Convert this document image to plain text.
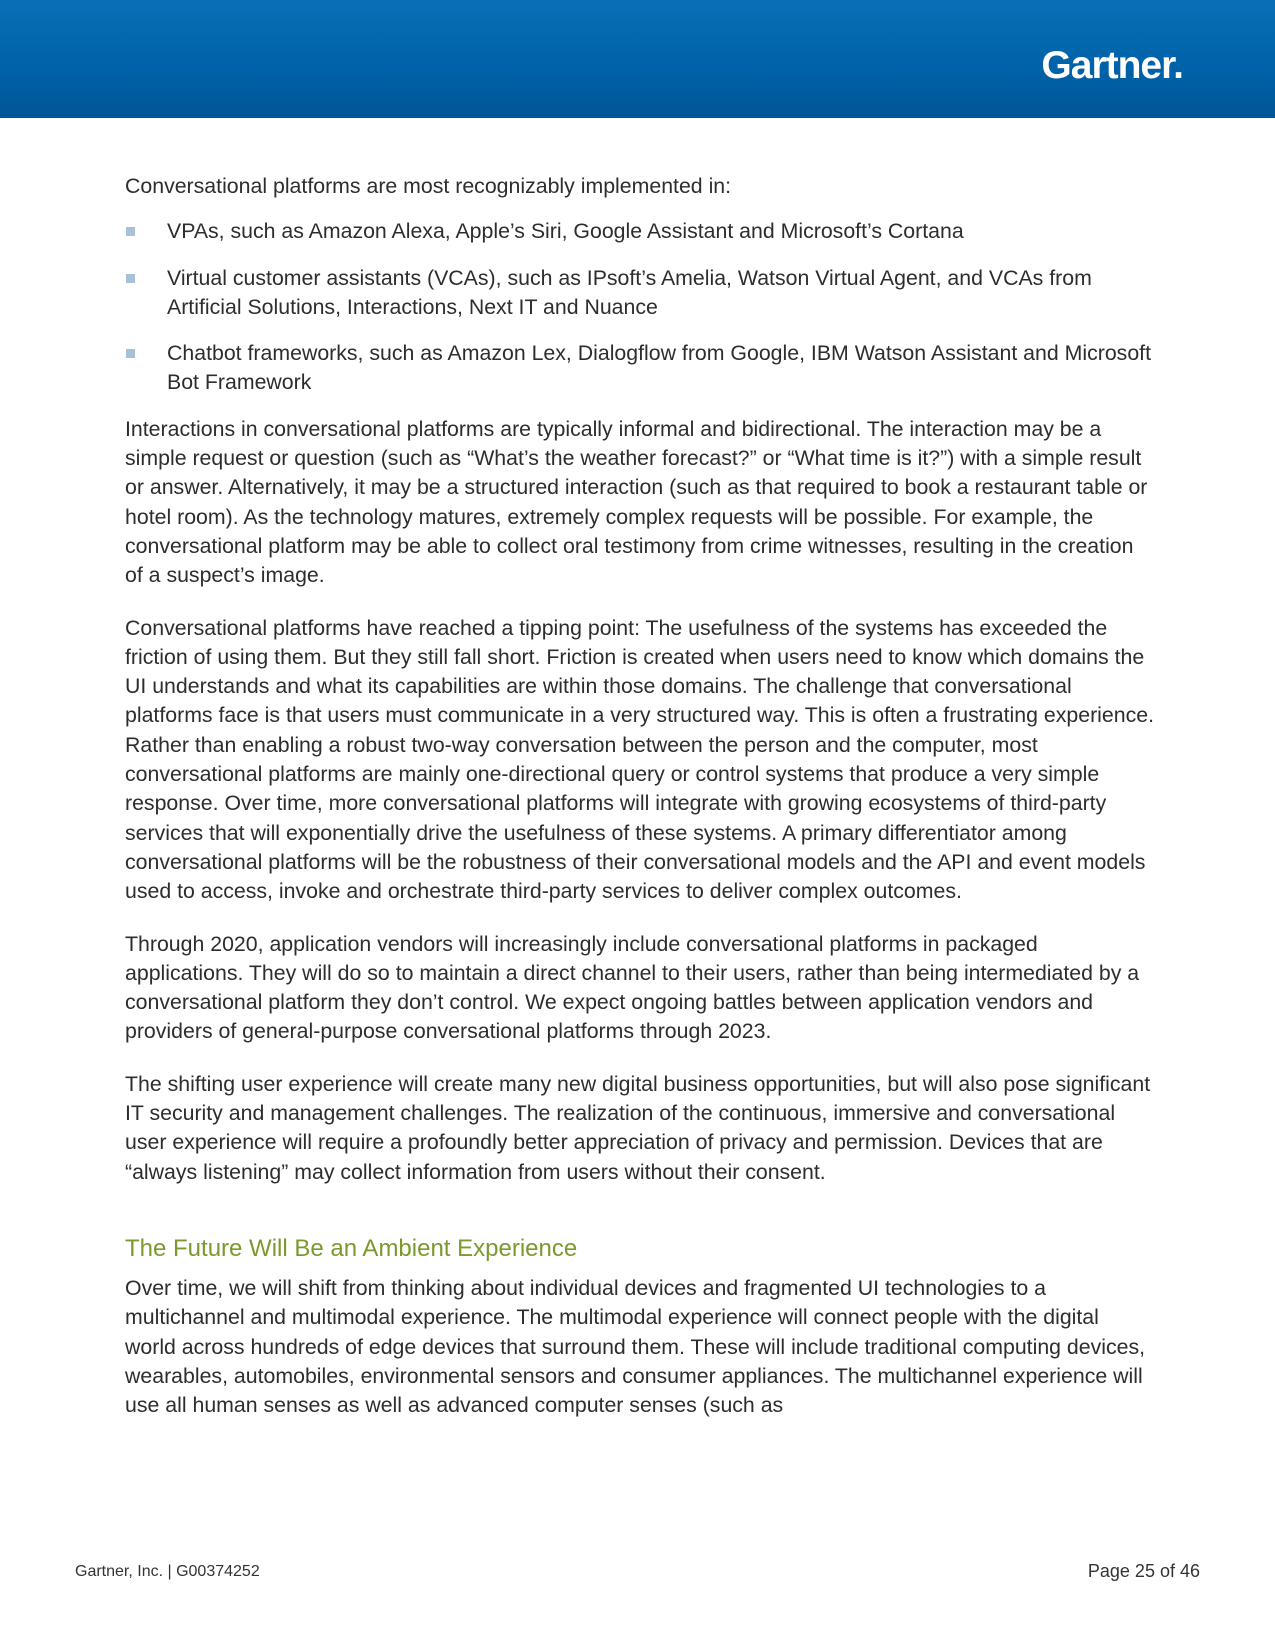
Gartner.

Conversational platforms are most recognizably implemented in:

VPAs, such as Amazon Alexa, Apple’s Siri, Google Assistant and Microsoft’s Cortana
Virtual customer assistants (VCAs), such as IPsoft’s Amelia, Watson Virtual Agent, and VCAs from Artificial Solutions, Interactions, Next IT and Nuance
Chatbot frameworks, such as Amazon Lex, Dialogflow from Google, IBM Watson Assistant and Microsoft Bot Framework

Interactions in conversational platforms are typically informal and bidirectional. The interaction may be a simple request or question (such as “What’s the weather forecast?” or “What time is it?”) with a simple result or answer. Alternatively, it may be a structured interaction (such as that required to book a restaurant table or hotel room). As the technology matures, extremely complex requests will be possible. For example, the conversational platform may be able to collect oral testimony from crime witnesses, resulting in the creation of a suspect’s image.

Conversational platforms have reached a tipping point: The usefulness of the systems has exceeded the friction of using them. But they still fall short. Friction is created when users need to know which domains the UI understands and what its capabilities are within those domains. The challenge that conversational platforms face is that users must communicate in a very structured way. This is often a frustrating experience. Rather than enabling a robust two-way conversation between the person and the computer, most conversational platforms are mainly one-directional query or control systems that produce a very simple response. Over time, more conversational platforms will integrate with growing ecosystems of third-party services that will exponentially drive the usefulness of these systems. A primary differentiator among conversational platforms will be the robustness of their conversational models and the API and event models used to access, invoke and orchestrate third-party services to deliver complex outcomes.

Through 2020, application vendors will increasingly include conversational platforms in packaged applications. They will do so to maintain a direct channel to their users, rather than being intermediated by a conversational platform they don’t control. We expect ongoing battles between application vendors and providers of general-purpose conversational platforms through 2023.

The shifting user experience will create many new digital business opportunities, but will also pose significant IT security and management challenges. The realization of the continuous, immersive and conversational user experience will require a profoundly better appreciation of privacy and permission. Devices that are “always listening” may collect information from users without their consent.

The Future Will Be an Ambient Experience

Over time, we will shift from thinking about individual devices and fragmented UI technologies to a multichannel and multimodal experience. The multimodal experience will connect people with the digital world across hundreds of edge devices that surround them. These will include traditional computing devices, wearables, automobiles, environmental sensors and consumer appliances. The multichannel experience will use all human senses as well as advanced computer senses (such as

Gartner, Inc. | G00374252	Page 25 of 46
